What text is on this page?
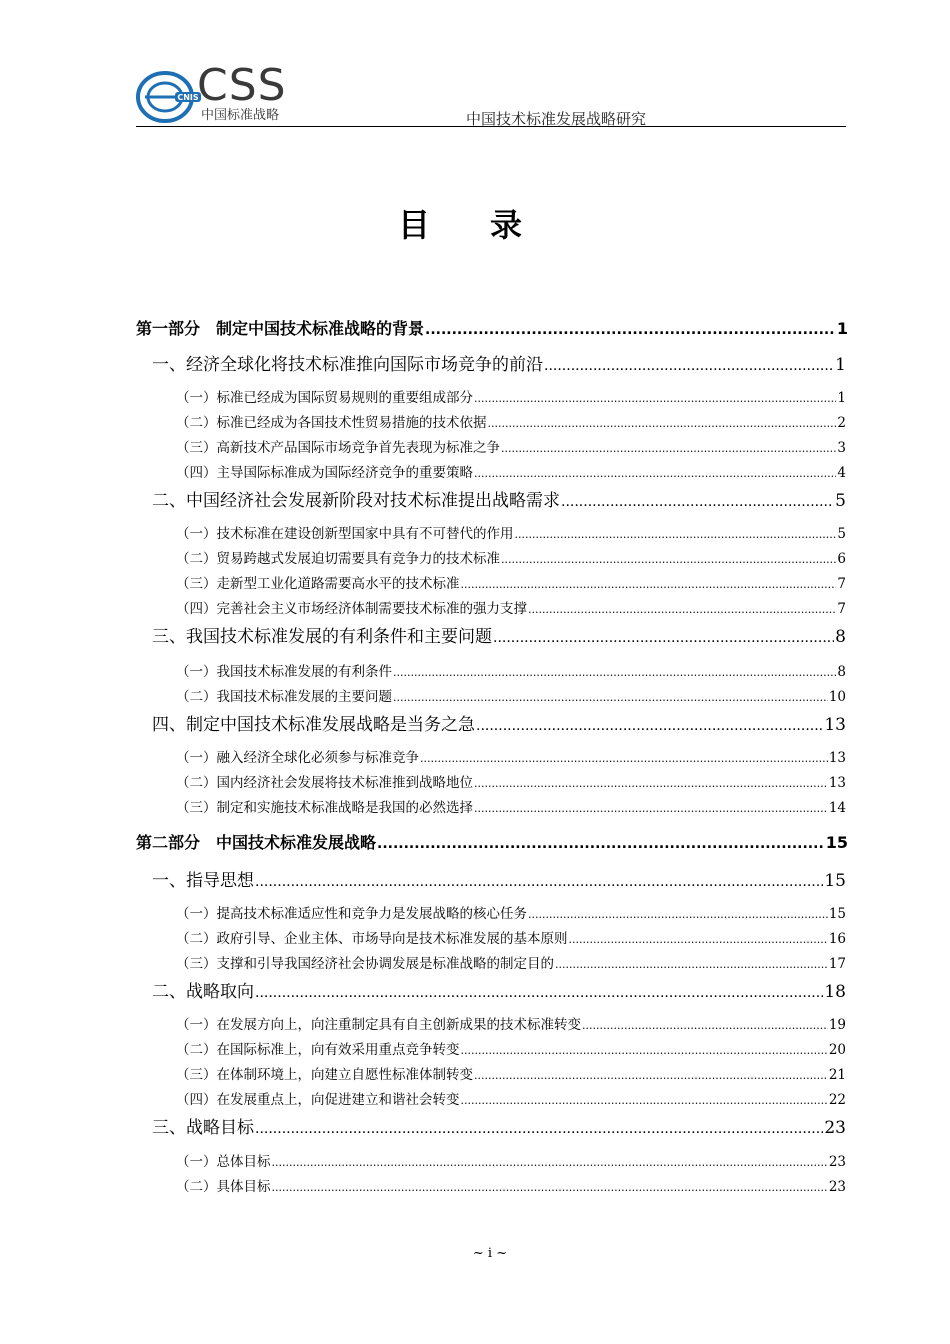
CNIS
CSS
中国标准战略	中国技术标准发展战略研究
目录
第一部分　制定中国技术标准战略的背景 .....	1
一、经济全球化将技术标准推向国际市场竞争的前沿 .....	1
（一）标准已经成为国际贸易规则的重要组成部分 .....	1
（二）标准已经成为各国技术性贸易措施的技术依据 .....	2
（三）高新技术产品国际市场竞争首先表现为标准之争 .....	3
（四）主导国际标准成为国际经济竞争的重要策略 .....	4
二、中国经济社会发展新阶段对技术标准提出战略需求 .....	5
（一）技术标准在建设创新型国家中具有不可替代的作用 .....	5
（二）贸易跨越式发展迫切需要具有竞争力的技术标准 .....	6
（三）走新型工业化道路需要高水平的技术标准 .....	7
（四）完善社会主义市场经济体制需要技术标准的强力支撑 .....	7
三、我国技术标准发展的有利条件和主要问题 .....	8
（一）我国技术标准发展的有利条件 .....	8
（二）我国技术标准发展的主要问题 .....	10
四、制定中国技术标准发展战略是当务之急 .....	13
（一）融入经济全球化必须参与标准竞争 .....	13
（二）国内经济社会发展将技术标准推到战略地位 .....	13
（三）制定和实施技术标准战略是我国的必然选择 .....	14
第二部分　中国技术标准发展战略 .....	15
一、指导思想 .....	15
（一）提高技术标准适应性和竞争力是发展战略的核心任务 .....	15
（二）政府引导、企业主体、市场导向是技术标准发展的基本原则 .....	16
（三）支撑和引导我国经济社会协调发展是标准战略的制定目的 .....	17
二、战略取向 .....	18
（一）在发展方向上，向注重制定具有自主创新成果的技术标准转变 .....	19
（二）在国际标准上，向有效采用重点竞争转变 .....	20
（三）在体制环境上，向建立自愿性标准体制转变 .....	21
（四）在发展重点上，向促进建立和谐社会转变 .....	22
三、战略目标 .....	23
（一）总体目标 .....	23
（二）具体目标 .....	23
~ i ~
